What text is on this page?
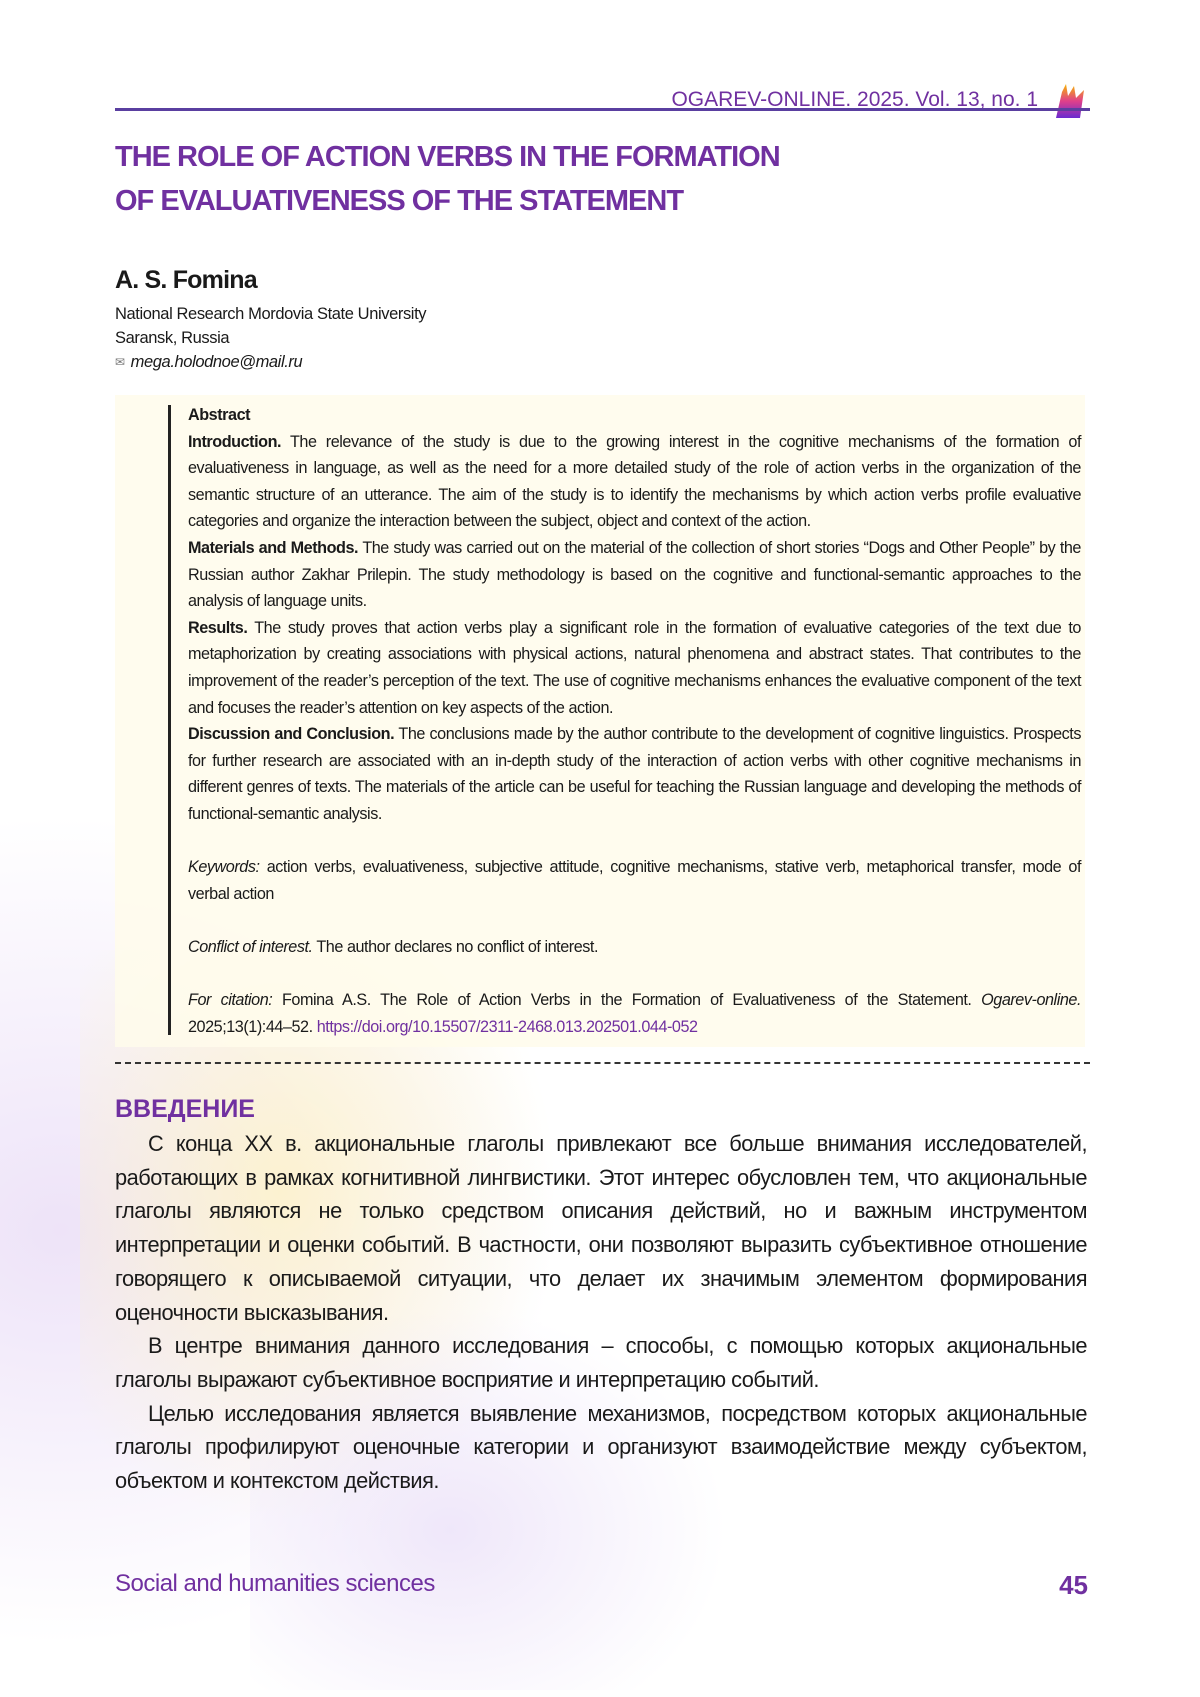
OGAREV-ONLINE. 2025. Vol. 13, no. 1
THE ROLE OF ACTION VERBS IN THE FORMATION
OF EVALUATIVENESS OF THE STATEMENT
A. S. Fomina
National Research Mordovia State University
Saransk, Russia
✉ mega.holodnoe@mail.ru

Abstract

Introduction. The relevance of the study is due to the growing interest in the cognitive mechanisms of the formation of evaluativeness in language, as well as the need for a more detailed study of the role of action verbs in the organization of the semantic structure of an utterance. The aim of the study is to identify the mechanisms by which action verbs profile evaluative categories and organize the interaction between the subject, object and context of the action.

Materials and Methods. The study was carried out on the material of the collection of short stories “Dogs and Other People” by the Russian author Zakhar Prilepin. The study methodology is based on the cognitive and functional-semantic approaches to the analysis of language units.

Results. The study proves that action verbs play a significant role in the formation of evaluative categories of the text due to metaphorization by creating associations with physical actions, natural phenomena and abstract states. That contributes to the improvement of the reader’s perception of the text. The use of cognitive mechanisms enhances the evaluative component of the text and focuses the reader’s attention on key aspects of the action.

Discussion and Conclusion. The conclusions made by the author contribute to the development of cognitive linguistics. Prospects for further research are associated with an in-depth study of the interaction of action verbs with other cognitive mechanisms in different genres of texts. The materials of the article can be useful for teaching the Russian language and developing the methods of functional-semantic analysis.

Keywords: action verbs, evaluativeness, subjective attitude, cognitive mechanisms, stative verb, metaphorical transfer, mode of verbal action

Conflict of interest. The author declares no conflict of interest.

For citation: Fomina A.S. The Role of Action Verbs in the Formation of Evaluativeness of the Statement. Ogarev-online. 2025;13(1):44–52. https://doi.org/10.15507/2311-2468.013.202501.044-052

ВВЕДЕНИЕ

С конца XX в. акциональные глаголы привлекают все больше внимания исследователей, работающих в рамках когнитивной лингвистики. Этот интерес обусловлен тем, что акциональные глаголы являются не только средством описания действий, но и важным инструментом интерпретации и оценки событий. В частности, они позволяют выразить субъективное отношение говорящего к описываемой ситуации, что делает их значимым элементом формирования оценочности высказывания.

В центре внимания данного исследования – способы, с помощью которых акциональные глаголы выражают субъективное восприятие и интерпретацию событий.

Целью исследования является выявление механизмов, посредством которых акциональные глаголы профилируют оценочные категории и организуют взаимодействие между субъектом, объектом и контекстом действия.

Social and humanities sciences	45
